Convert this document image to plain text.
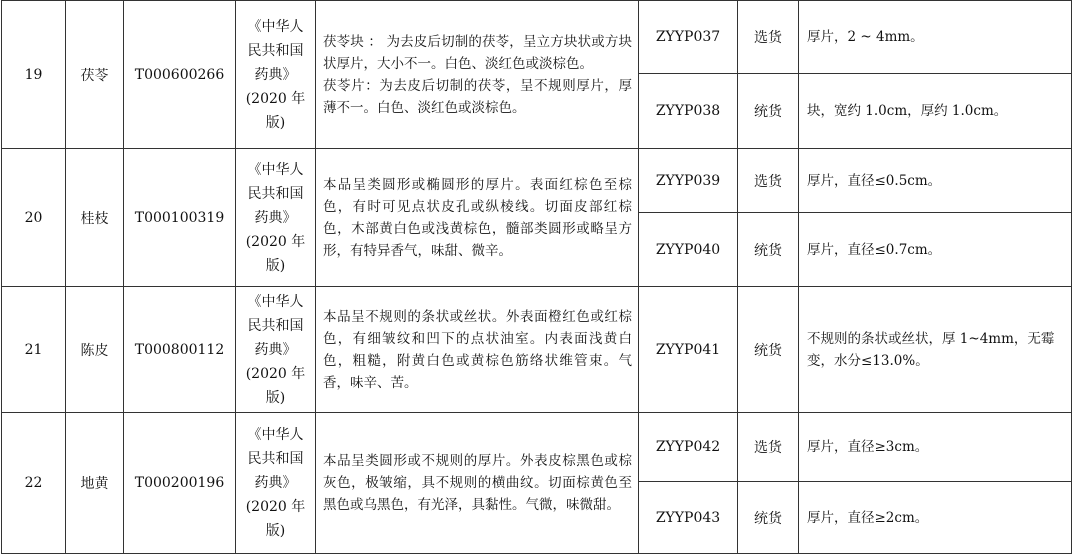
19	茯苓	T000600266	《中华人
民共和国
药典》
(2020 年
版)	茯苓块 ： 为去皮后切制的茯苓，呈立方块状或方块状厚片，大小不一。白色、淡红色或淡棕色。
茯苓片：为去皮后切制的茯苓，呈不规则厚片，厚薄不一。白色、淡红色或淡棕色。	ZYYP037	选货	厚片，2 ~ 4mm。
					ZYYP038	统货	块，宽约 1.0cm，厚约 1.0cm。
20	桂枝	T000100319	《中华人
民共和国
药典》
(2020 年
版)	本品呈类圆形或椭圆形的厚片。表面红棕色至棕色，有时可见点状皮孔或纵棱线。切面皮部红棕色，木部黄白色或浅黄棕色，髓部类圆形或略呈方形，有特异香气，味甜、微辛。	ZYYP039	选货	厚片，直径≤0.5cm。
					ZYYP040	统货	厚片，直径≤0.7cm。
21	陈皮	T000800112	《中华人
民共和国
药典》
(2020 年
版)	本品呈不规则的条状或丝状。外表面橙红色或红棕色，有细皱纹和凹下的点状油室。内表面浅黄白色，粗糙，附黄白色或黄棕色筋络状维管束。气香，味辛、苦。	ZYYP041	统货	不规则的条状或丝状，厚 1~4mm，无霉变，水分≤13.0%。
22	地黄	T000200196	《中华人
民共和国
药典》
(2020 年
版)	本品呈类圆形或不规则的厚片。外表皮棕黑色或棕灰色，极皱缩，具不规则的横曲纹。切面棕黄色至黑色或乌黑色，有光泽，具黏性。气微，味微甜。	ZYYP042	选货	厚片，直径≥3cm。
					ZYYP043	统货	厚片，直径≥2cm。
